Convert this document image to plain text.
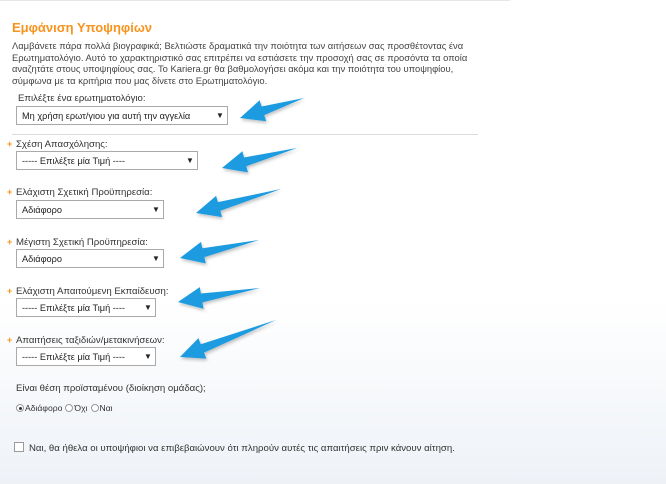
Εμφάνιση Υποψηφίων
Λαμβάνετε πάρα πολλά βιογραφικά; Βελτιώστε δραματικά την ποιότητα των αιτήσεων σας προσθέτοντας ένα Ερωτηματολόγιο. Αυτό το χαρακτηριστικό σας επιτρέπει να εστιάσετε την προσοχή σας σε προσόντα τα οποία αναζητάτε στους υποψηφίους σας. Το Kariera.gr θα βαθμολογήσει ακόμα και την ποιότητα του υποψηφίου, σύμφωνα με τα κριτήρια που μας δίνετε στο Ερωτηματολόγιο.
Επιλέξτε ένα ερωτηματολόγιο:
Μη χρήση ερωτ/γιου για αυτή την αγγελία	▼
+ Σχέση Απασχόλησης:
----- Επιλέξτε μία Τιμή ----	▼
+ Ελάχιστη Σχετική Προϋπηρεσία:
Αδιάφορο	▼
+ Μέγιστη Σχετική Προϋπηρεσία:
Αδιάφορο	▼
+ Ελάχιστη Απαιτούμενη Εκπαίδευση:
----- Επιλέξτε μία Τιμή ----	▼
+ Απαιτήσεις ταξιδιών/μετακινήσεων:
----- Επιλέξτε μία Τιμή ----	▼
Είναι θέση προϊσταμένου (διοίκηση ομάδας);
Αδιάφορο Όχι Ναι
Ναι, θα ήθελα οι υποψήφιοι να επιβεβαιώνουν ότι πληρούν αυτές τις απαιτήσεις πριν κάνουν αίτηση.
